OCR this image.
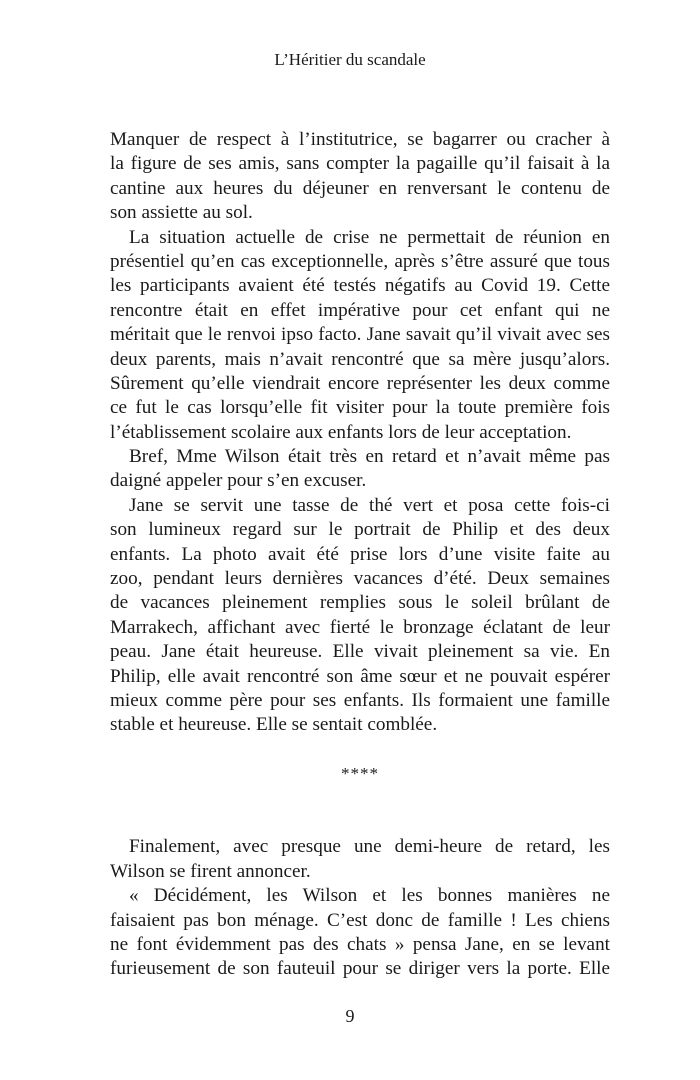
L’Héritier du scandale
Manquer de respect à l’institutrice, se bagarrer ou cracher à
la figure de ses amis, sans compter la pagaille qu’il faisait à la
cantine aux heures du déjeuner en renversant le contenu de
son assiette au sol.
La situation actuelle de crise ne permettait de réunion en
présentiel qu’en cas exceptionnelle, après s’être assuré que tous
les participants avaient été testés négatifs au Covid 19. Cette
rencontre était en effet impérative pour cet enfant qui ne
méritait que le renvoi ipso facto. Jane savait qu’il vivait avec ses
deux parents, mais n’avait rencontré que sa mère jusqu’alors.
Sûrement qu’elle viendrait encore représenter les deux comme
ce fut le cas lorsqu’elle fit visiter pour la toute première fois
l’établissement scolaire aux enfants lors de leur acceptation.
Bref, Mme Wilson était très en retard et n’avait même pas
daigné appeler pour s’en excuser.
Jane se servit une tasse de thé vert et posa cette fois-ci
son lumineux regard sur le portrait de Philip et des deux
enfants. La photo avait été prise lors d’une visite faite au
zoo, pendant leurs dernières vacances d’été. Deux semaines
de vacances pleinement remplies sous le soleil brûlant de
Marrakech, affichant avec fierté le bronzage éclatant de leur
peau. Jane était heureuse. Elle vivait pleinement sa vie. En
Philip, elle avait rencontré son âme sœur et ne pouvait espérer
mieux comme père pour ses enfants. Ils formaient une famille
stable et heureuse. Elle se sentait comblée.
****
Finalement, avec presque une demi-heure de retard, les
Wilson se firent annoncer.
« Décidément, les Wilson et les bonnes manières ne
faisaient pas bon ménage. C’est donc de famille ! Les chiens
ne font évidemment pas des chats » pensa Jane, en se levant
furieusement de son fauteuil pour se diriger vers la porte. Elle
9
